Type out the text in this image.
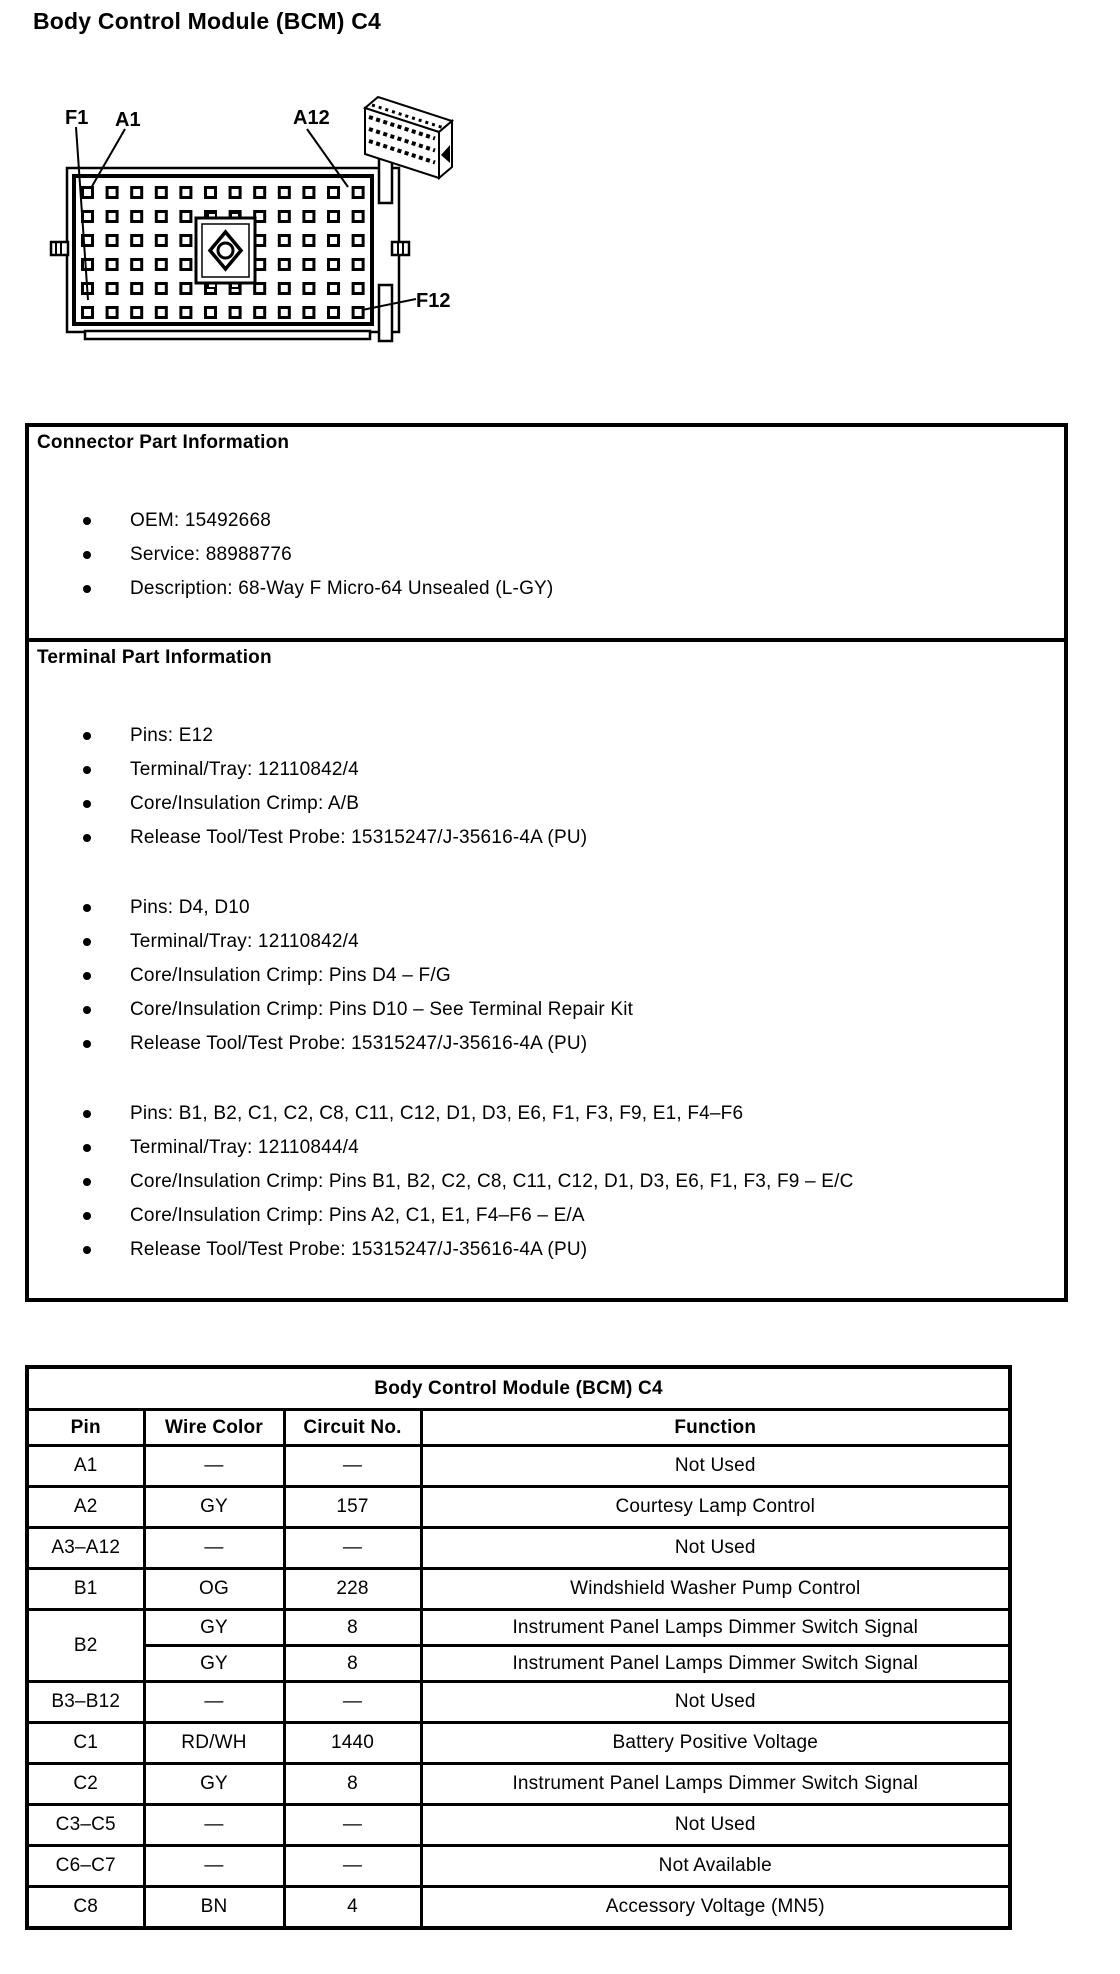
Body Control Module (BCM) C4
F1 A1	A12
F12
Connector Part Information
OEM: 15492668
Service: 88988776
Description: 68-Way F Micro-64 Unsealed (L-GY)
Terminal Part Information
Pins: E12
Terminal/Tray: 12110842/4
Core/Insulation Crimp: A/B
Release Tool/Test Probe: 15315247/J-35616-4A (PU)
Pins: D4, D10
Terminal/Tray: 12110842/4
Core/Insulation Crimp: Pins D4 – F/G
Core/Insulation Crimp: Pins D10 – See Terminal Repair Kit
Release Tool/Test Probe: 15315247/J-35616-4A (PU)
Pins: B1, B2, C1, C2, C8, C11, C12, D1, D3, E6, F1, F3, F9, E1, F4–F6
Terminal/Tray: 12110844/4
Core/Insulation Crimp: Pins B1, B2, C2, C8, C11, C12, D1, D3, E6, F1, F3, F9 – E/C
Core/Insulation Crimp: Pins A2, C1, E1, F4–F6 – E/A
Release Tool/Test Probe: 15315247/J-35616-4A (PU)
Body Control Module (BCM) C4			
Pin	Wire Color	Circuit No.	Function
A1	—	—	Not Used
A2	GY	157	Courtesy Lamp Control
A3–A12	—	—	Not Used
B1	OG	228	Windshield Washer Pump Control
B2	GY	8	Instrument Panel Lamps Dimmer Switch Signal
	GY	8	Instrument Panel Lamps Dimmer Switch Signal
B3–B12	—	—	Not Used
C1	RD/WH	1440	Battery Positive Voltage
C2	GY	8	Instrument Panel Lamps Dimmer Switch Signal
C3–C5	—	—	Not Used
C6–C7	—	—	Not Available
C8	BN	4	Accessory Voltage (MN5)
